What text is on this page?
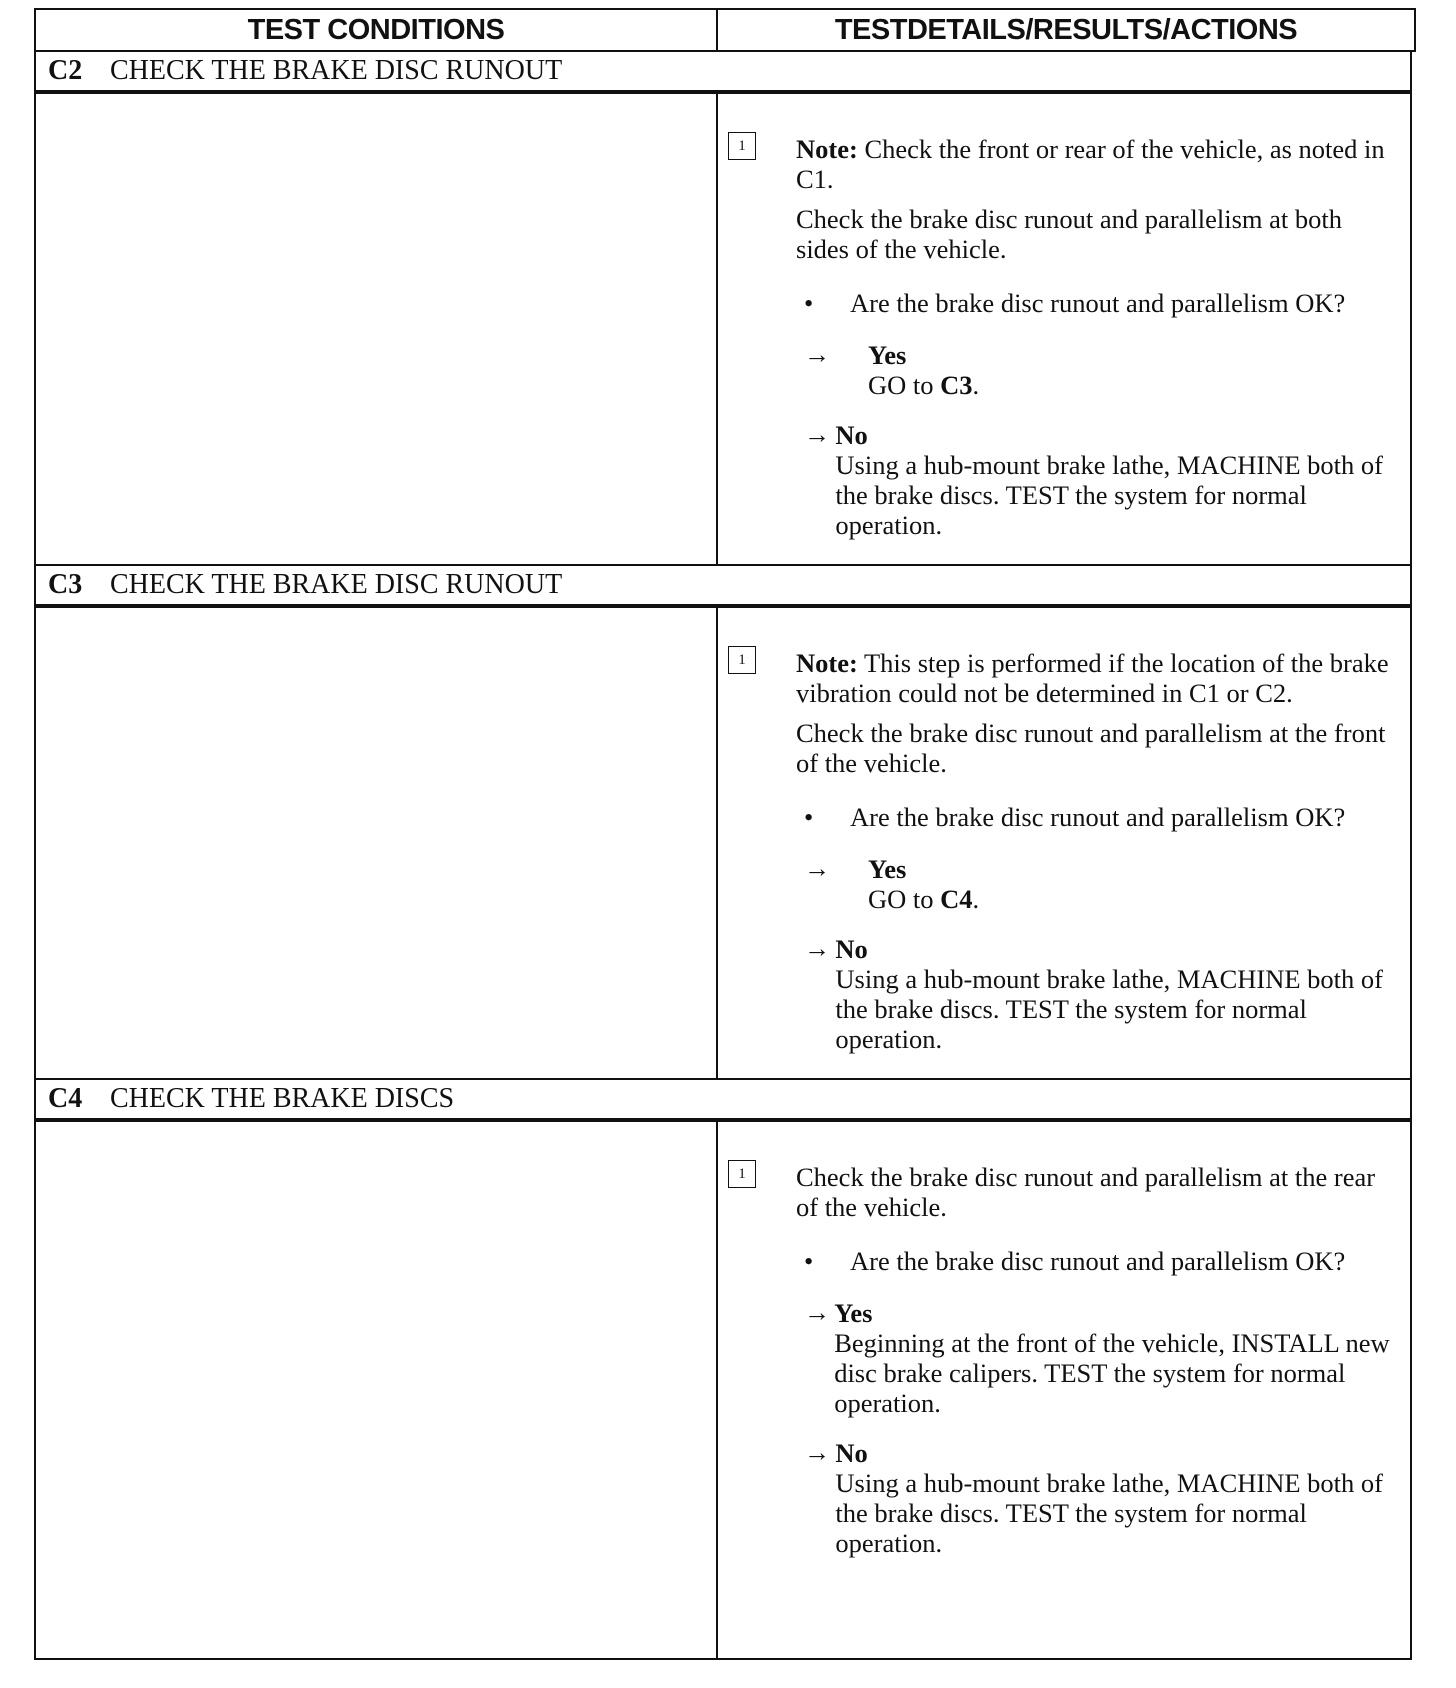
TEST CONDITIONS	TESTDETAILS/RESULTS/ACTIONS
C2 CHECK THE BRAKE DISC RUNOUT
1	Note: Check the front or rear of the vehicle, as noted in C1.

Check the brake disc runout and parallelism at both sides of the vehicle.

•	Are the brake disc runout and parallelism OK?
→	Yes
GO to C3.
→ No
Using a hub-mount brake lathe, MACHINE both of the brake discs. TEST the system for normal operation.
C3 CHECK THE BRAKE DISC RUNOUT
1	Note: This step is performed if the location of the brake vibration could not be determined in C1 or C2.

Check the brake disc runout and parallelism at the front of the vehicle.

•	Are the brake disc runout and parallelism OK?
→	Yes
GO to C4.
→ No
Using a hub-mount brake lathe, MACHINE both of the brake discs. TEST the system for normal operation.
C4 CHECK THE BRAKE DISCS
1	Check the brake disc runout and parallelism at the rear of the vehicle.

•	Are the brake disc runout and parallelism OK?
→ Yes
Beginning at the front of the vehicle, INSTALL new disc brake calipers. TEST the system for normal operation.
→ No
Using a hub-mount brake lathe, MACHINE both of the brake discs. TEST the system for normal operation.
